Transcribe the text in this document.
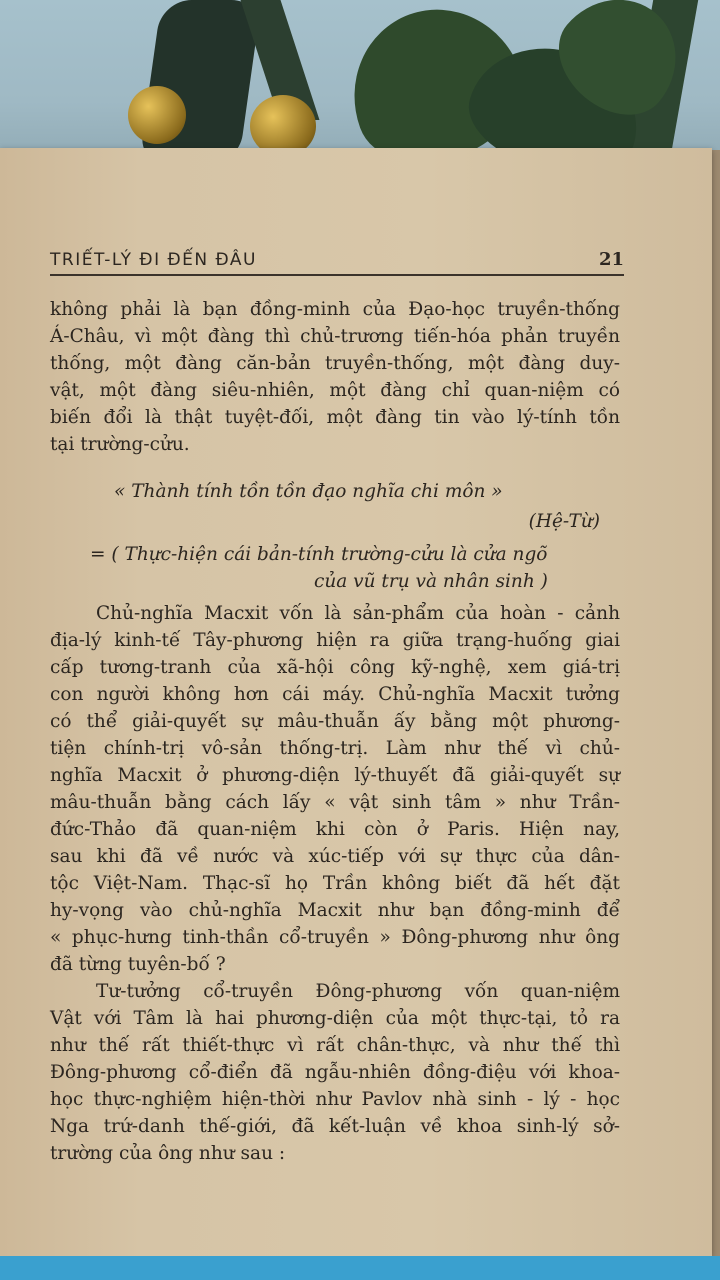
TRIẾT-LÝ ĐI ĐẾN ĐÂU	21
không phải là bạn đồng-minh của Đạo-học truyền-thống
Á-Châu, vì một đàng thì chủ-trương tiến-hóa phản truyền
thống, một đàng căn-bản truyền-thống, một đàng duy-
vật, một đàng siêu-nhiên, một đàng chỉ quan-niệm có
biến đổi là thật tuyệt-đối, một đàng tin vào lý-tính tồn
tại trường-cửu.
« Thành tính tồn tồn đạo nghĩa chi môn »
(Hệ-Từ)
= ( Thực-hiện cái bản-tính trường-cửu là cửa ngõ
của vũ trụ và nhân sinh )
Chủ-nghĩa Macxit vốn là sản-phẩm của hoàn - cảnh
địa-lý kinh-tế Tây-phương hiện ra giữa trạng-huống giai
cấp tương-tranh của xã-hội công kỹ-nghệ, xem giá-trị
con người không hơn cái máy. Chủ-nghĩa Macxit tưởng
có thể giải-quyết sự mâu-thuẫn ấy bằng một phương-
tiện chính-trị vô-sản thống-trị. Làm như thế vì chủ-
nghĩa Macxit ở phương-diện lý-thuyết đã giải-quyết sự
mâu-thuẫn bằng cách lấy « vật sinh tâm » như Trần-
đức-Thảo đã quan-niệm khi còn ở Paris. Hiện nay,
sau khi đã về nước và xúc-tiếp với sự thực của dân-
tộc Việt-Nam. Thạc-sĩ họ Trần không biết đã hết đặt
hy-vọng vào chủ-nghĩa Macxit như bạn đồng-minh để
« phục-hưng tinh-thần cổ-truyền » Đông-phương như ông
đã từng tuyên-bố ?
Tư-tưởng cổ-truyền Đông-phương vốn quan-niệm
Vật với Tâm là hai phương-diện của một thực-tại, tỏ ra
như thế rất thiết-thực vì rất chân-thực, và như thế thì
Đông-phương cổ-điển đã ngẫu-nhiên đồng-điệu với khoa-
học thực-nghiệm hiện-thời như Pavlov nhà sinh - lý - học
Nga trứ-danh thế-giới, đã kết-luận về khoa sinh-lý sở-
trường của ông như sau :
